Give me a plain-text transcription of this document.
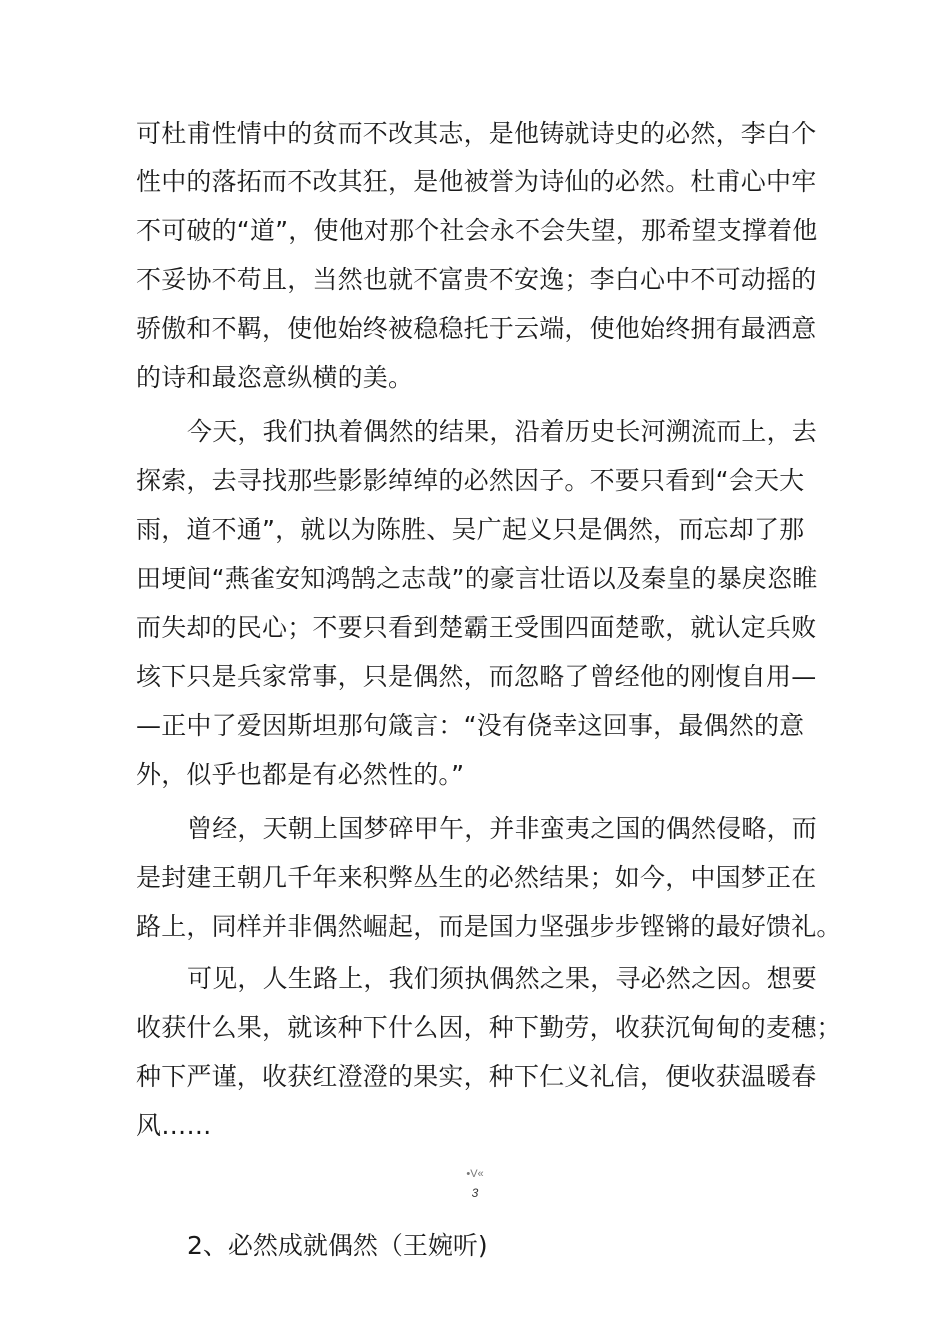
可杜甫性情中的贫而不改其志，是他铸就诗史的必然，李白个
性中的落拓而不改其狂，是他被誉为诗仙的必然。杜甫心中牢
不可破的“道”，使他对那个社会永不会失望，那希望支撑着他
不妥协不苟且，当然也就不富贵不安逸；李白心中不可动摇的
骄傲和不羁，使他始终被稳稳托于云端，使他始终拥有最洒意
的诗和最恣意纵横的美。
今天，我们执着偶然的结果，沿着历史长河溯流而上，去
探索，去寻找那些影影绰绰的必然因子。不要只看到“会天大
雨，道不通”，就以为陈胜、吴广起义只是偶然，而忘却了那
田埂间“燕雀安知鸿鹄之志哉”的豪言壮语以及秦皇的暴戾恣睢
而失却的民心；不要只看到楚霸王受围四面楚歌，就认定兵败
垓下只是兵家常事，只是偶然，而忽略了曾经他的刚愎自用—
—正中了爱因斯坦那句箴言：“没有侥幸这回事，最偶然的意
外，似乎也都是有必然性的。”
曾经，天朝上国梦碎甲午，并非蛮夷之国的偶然侵略，而
是封建王朝几千年来积弊丛生的必然结果；如今，中国梦正在
路上，同样并非偶然崛起，而是国力坚强步步铿锵的最好馈礼。
可见，人生路上，我们须执偶然之果，寻必然之因。想要
收获什么果，就该种下什么因，种下勤劳，收获沉甸甸的麦穗；
种下严谨，收获红澄澄的果实，种下仁义礼信，便收获温暖春
风……
•V«
3
2、必然成就偶然（王婉听)
